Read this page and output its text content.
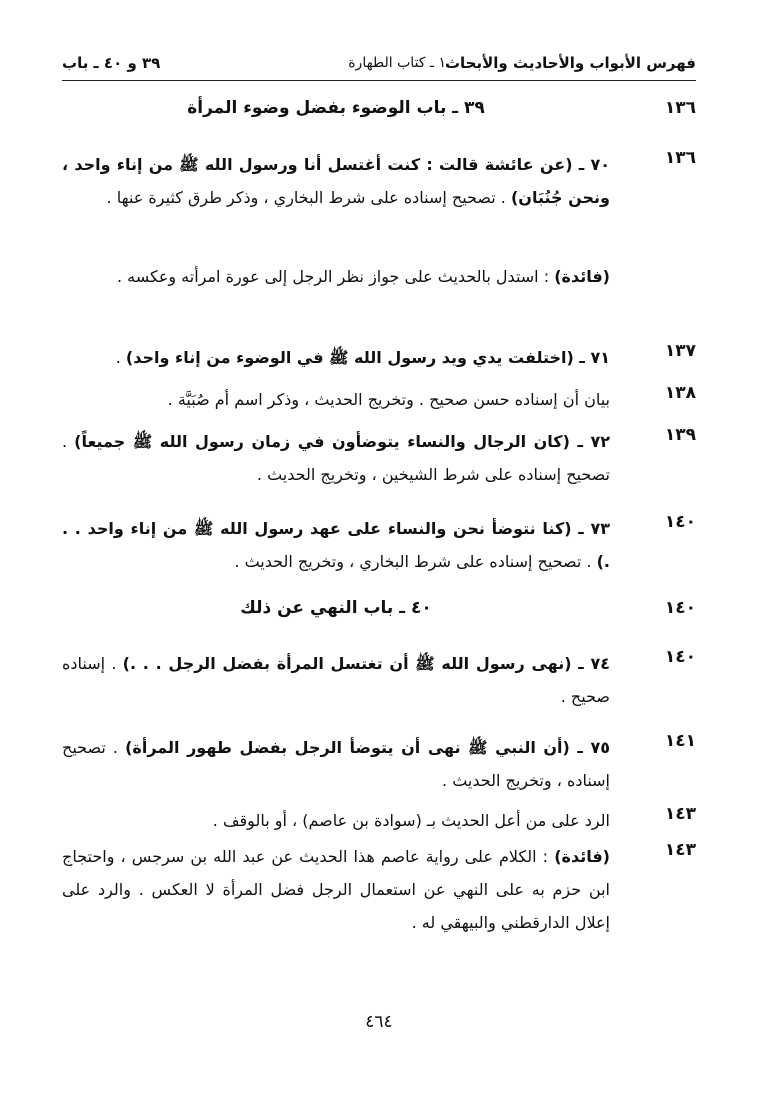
فهرس الأبواب والأحاديث والأبحاث
١ ـ كتاب الطهارة
٣٩ و ٤٠ ـ باب
١٣٦
٣٩ ـ باب الوضوء بفضل وضوء المرأة
١٣٦
٧٠ ـ (عن عائشة قالت : كنت أغتسل أنا ورسول الله ﷺ من إناء واحد ، ونحن جُنُبَان) . تصحيح إسناده على شرط البخاري ، وذكر طرق كثيرة عنها .
(فائدة) : استدل بالحديث على جواز نظر الرجل إلى عورة امرأته وعكسه .
١٣٧
٧١ ـ (اختلفت يدي ويد رسول الله ﷺ في الوضوء من إناء واحد) .
١٣٨
بيان أن إسناده حسن صحيح . وتخريج الحديث ، وذكر اسم أم صُبَيَّة .
١٣٩
٧٢ ـ (كان الرجال والنساء يتوضأون في زمان رسول الله ﷺ جميعاً) . تصحيح إسناده على شرط الشيخين ، وتخريج الحديث .
١٤٠
٧٣ ـ (كنا نتوضأ نحن والنساء على عهد رسول الله ﷺ من إناء واحد . . .) . تصحيح إسناده على شرط البخاري ، وتخريج الحديث .
١٤٠
٤٠ ـ باب النهي عن ذلك
١٤٠
٧٤ ـ (نهى رسول الله ﷺ أن تغتسل المرأة بفضل الرجل . . .) . إسناده صحيح .
١٤١
٧٥ ـ (أن النبي ﷺ نهى أن يتوضأ الرجل بفضل طهور المرأة) . تصحيح إسناده ، وتخريج الحديث .
١٤٣
الرد على من أعل الحديث بـ (سوادة بن عاصم) ، أو بالوقف .
١٤٣
(فائدة) : الكلام على رواية عاصم هذا الحديث عن عبد الله بن سرجس ، واحتجاج ابن حزم به على النهي عن استعمال الرجل فضل المرأة لا العكس . والرد على إعلال الدارقطني والبيهقي له .
٤٦٤
